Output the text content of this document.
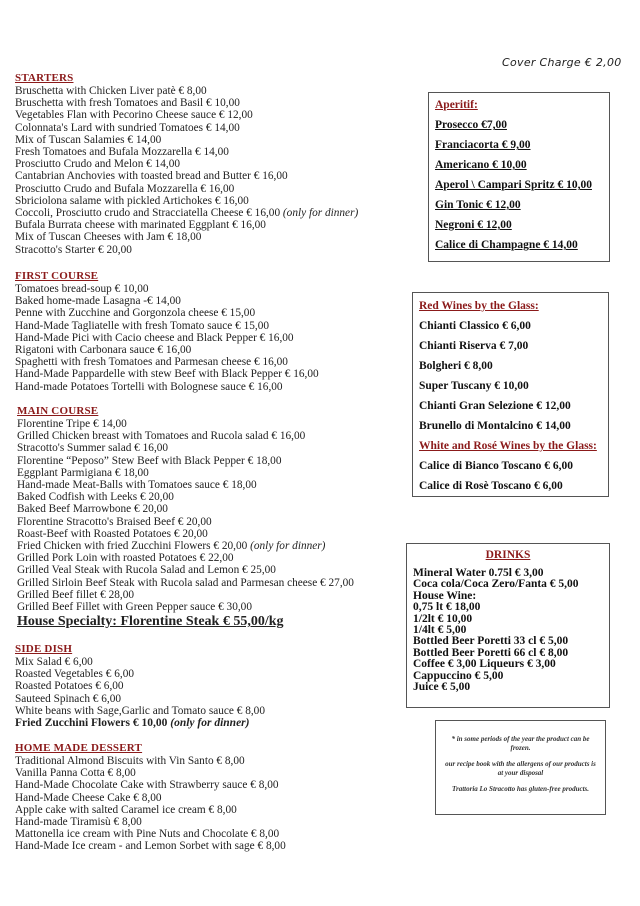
Cover Charge € 2,00
STARTERS
Bruschetta with Chicken Liver patè € 8,00
Bruschetta with fresh Tomatoes and Basil € 10,00
Vegetables Flan with Pecorino Cheese sauce € 12,00
Colonnata's Lard with sundried Tomatoes € 14,00
Mix of Tuscan Salamies € 14,00
Fresh Tomatoes and Bufala Mozzarella € 14,00
Prosciutto Crudo and Melon € 14,00
Cantabrian Anchovies with toasted bread and Butter € 16,00
Prosciutto Crudo and Bufala Mozzarella € 16,00
Sbriciolona salame with pickled Artichokes € 16,00
Coccoli, Prosciutto crudo and Stracciatella Cheese € 16,00 (only for dinner)
Bufala Burrata cheese with marinated Eggplant € 16,00
Mix of Tuscan Cheeses with Jam € 18,00
Stracotto's Starter € 20,00
FIRST COURSE
Tomatoes bread-soup € 10,00
Baked home-made Lasagna -€ 14,00
Penne with Zucchine and Gorgonzola cheese € 15,00
Hand-Made Tagliatelle with fresh Tomato sauce € 15,00
Hand-Made Pici with Cacio cheese and Black Pepper € 16,00
Rigatoni with Carbonara sauce € 16,00
Spaghetti with fresh Tomatoes and Parmesan cheese € 16,00
Hand-Made Pappardelle with stew Beef with Black Pepper € 16,00
Hand-made Potatoes Tortelli with Bolognese sauce € 16,00
MAIN COURSE
Florentine Tripe € 14,00
Grilled Chicken breast with Tomatoes and Rucola salad € 16,00
Stracotto's Summer salad € 16,00
Florentine “Peposo” Stew Beef with Black Pepper € 18,00
Eggplant Parmigiana € 18,00
Hand-made Meat-Balls with Tomatoes sauce € 18,00
Baked Codfish with Leeks € 20,00
Baked Beef Marrowbone € 20,00
Florentine Stracotto's Braised Beef € 20,00
Roast-Beef with Roasted Potatoes € 20,00
Fried Chicken with fried Zucchini Flowers € 20,00 (only for dinner)
Grilled Pork Loin with roasted Potatoes € 22,00
Grilled Veal Steak with Rucola Salad and Lemon € 25,00
Grilled Sirloin Beef Steak with Rucola salad and Parmesan cheese € 27,00
Grilled Beef fillet € 28,00
Grilled Beef Fillet with Green Pepper sauce € 30,00
House Specialty: Florentine Steak € 55,00/kg
SIDE DISH
Mix Salad € 6,00
Roasted Vegetables € 6,00
Roasted Potatoes € 6,00
Sauteed Spinach € 6,00
White beans with Sage,Garlic and Tomato sauce € 8,00
Fried Zucchini Flowers € 10,00 (only for dinner)
HOME MADE DESSERT
Traditional Almond Biscuits with Vin Santo € 8,00
Vanilla Panna Cotta € 8,00
Hand-Made Chocolate Cake with Strawberry sauce € 8,00
Hand-Made Cheese Cake € 8,00
Apple cake with salted Caramel ice cream € 8,00
Hand-made Tiramisù € 8,00
Mattonella ice cream with Pine Nuts and Chocolate € 8,00
Hand-Made Ice cream - and Lemon Sorbet with sage € 8,00
Aperitif:
Prosecco €7,00
Franciacorta € 9,00
Americano € 10,00
Aperol \ Campari Spritz € 10,00
Gin Tonic € 12,00
Negroni € 12,00
Calice di Champagne € 14,00
Red Wines by the Glass:
Chianti Classico € 6,00
Chianti Riserva € 7,00
Bolgheri € 8,00
Super Tuscany € 10,00
Chianti Gran Selezione € 12,00
Brunello di Montalcino € 14,00
White and Rosé Wines by the Glass:
Calice di Bianco Toscano € 6,00
Calice di Rosè Toscano € 6,00
DRINKS
Mineral Water 0.75l € 3,00
Coca cola/Coca Zero/Fanta € 5,00
House Wine:
0,75 lt € 18,00
1/2lt € 10,00
1/4lt € 5,00
Bottled Beer Poretti 33 cl € 5,00
Bottled Beer Poretti 66 cl € 8,00
Coffee € 3,00 Liqueurs € 3,00
Cappuccino € 5,00
Juice € 5,00

* in some periods of the year the product can be frozen.

our recipe book with the allergens of our products is at your disposal

Trattoria Lo Stracotto has gluten-free products.
